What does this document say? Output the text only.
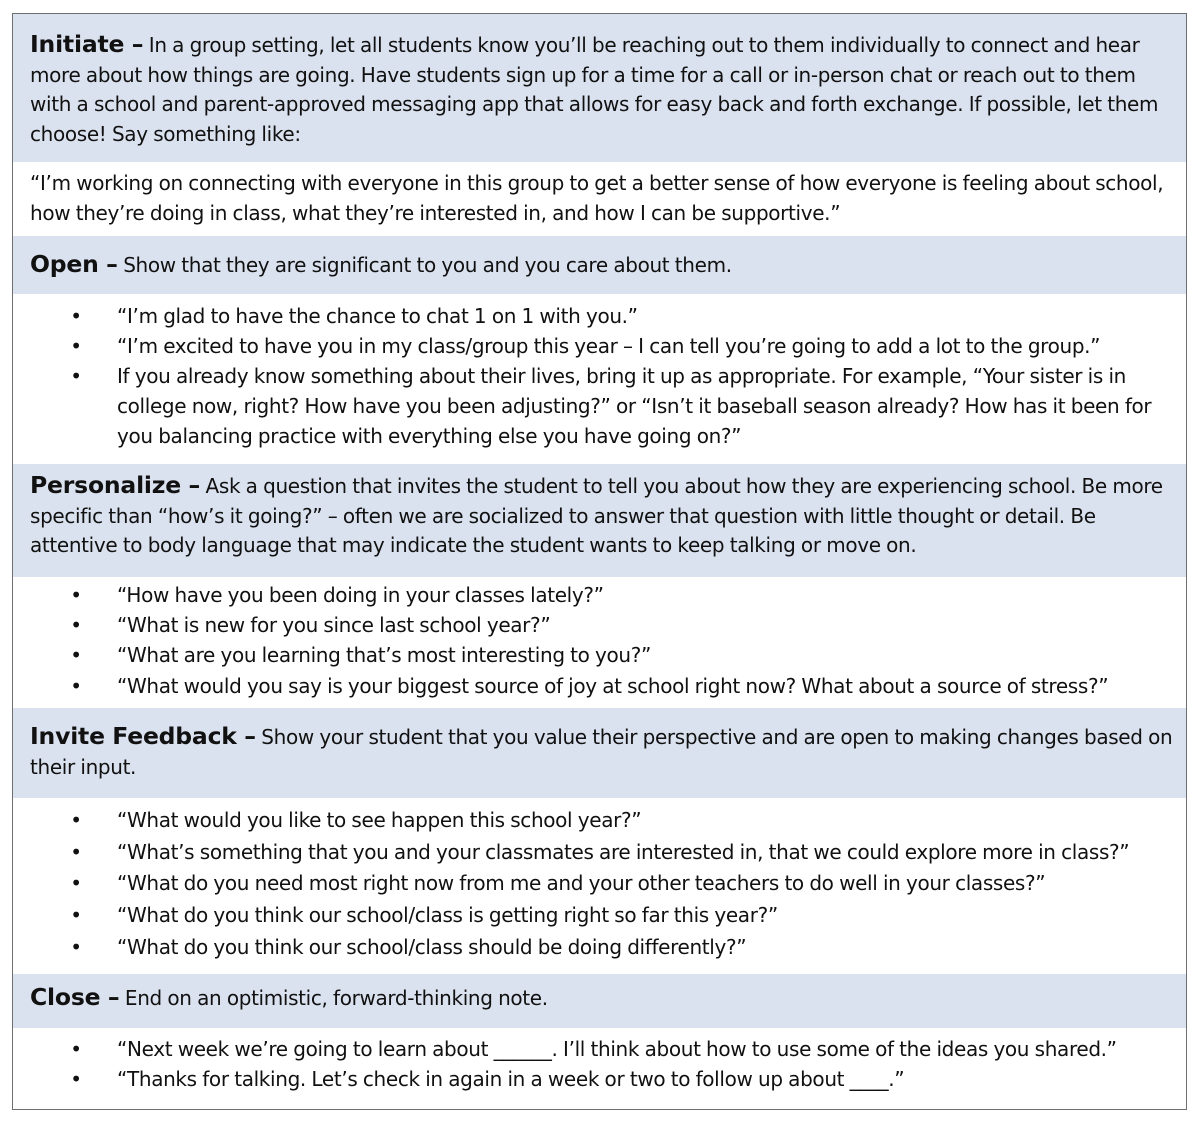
Initiate – In a group setting, let all students know you’ll be reaching out to them individually to connect and hear more about how things are going. Have students sign up for a time for a call or in-person chat or reach out to them with a school and parent-approved messaging app that allows for easy back and forth exchange. If possible, let them choose! Say something like:

“I’m working on connecting with everyone in this group to get a better sense of how everyone is feeling about school, how they’re doing in class, what they’re interested in, and how I can be supportive.”

Open – Show that they are significant to you and you care about them.

• “I’m glad to have the chance to chat 1 on 1 with you.”
• “I’m excited to have you in my class/group this year – I can tell you’re going to add a lot to the group.”
• If you already know something about their lives, bring it up as appropriate. For example, “Your sister is in college now, right? How have you been adjusting?” or “Isn’t it baseball season already? How has it been for you balancing practice with everything else you have going on?”

Personalize – Ask a question that invites the student to tell you about how they are experiencing school. Be more specific than “how’s it going?” – often we are socialized to answer that question with little thought or detail. Be attentive to body language that may indicate the student wants to keep talking or move on.

• “How have you been doing in your classes lately?”
• “What is new for you since last school year?”
• “What are you learning that’s most interesting to you?”
• “What would you say is your biggest source of joy at school right now? What about a source of stress?”

Invite Feedback – Show your student that you value their perspective and are open to making changes based on their input.

• “What would you like to see happen this school year?”
• “What’s something that you and your classmates are interested in, that we could explore more in class?”
• “What do you need most right now from me and your other teachers to do well in your classes?”
• “What do you think our school/class is getting right so far this year?”
• “What do you think our school/class should be doing differently?”

Close – End on an optimistic, forward-thinking note.

• “Next week we’re going to learn about ______. I’ll think about how to use some of the ideas you shared.”
• “Thanks for talking. Let’s check in again in a week or two to follow up about ____.”
